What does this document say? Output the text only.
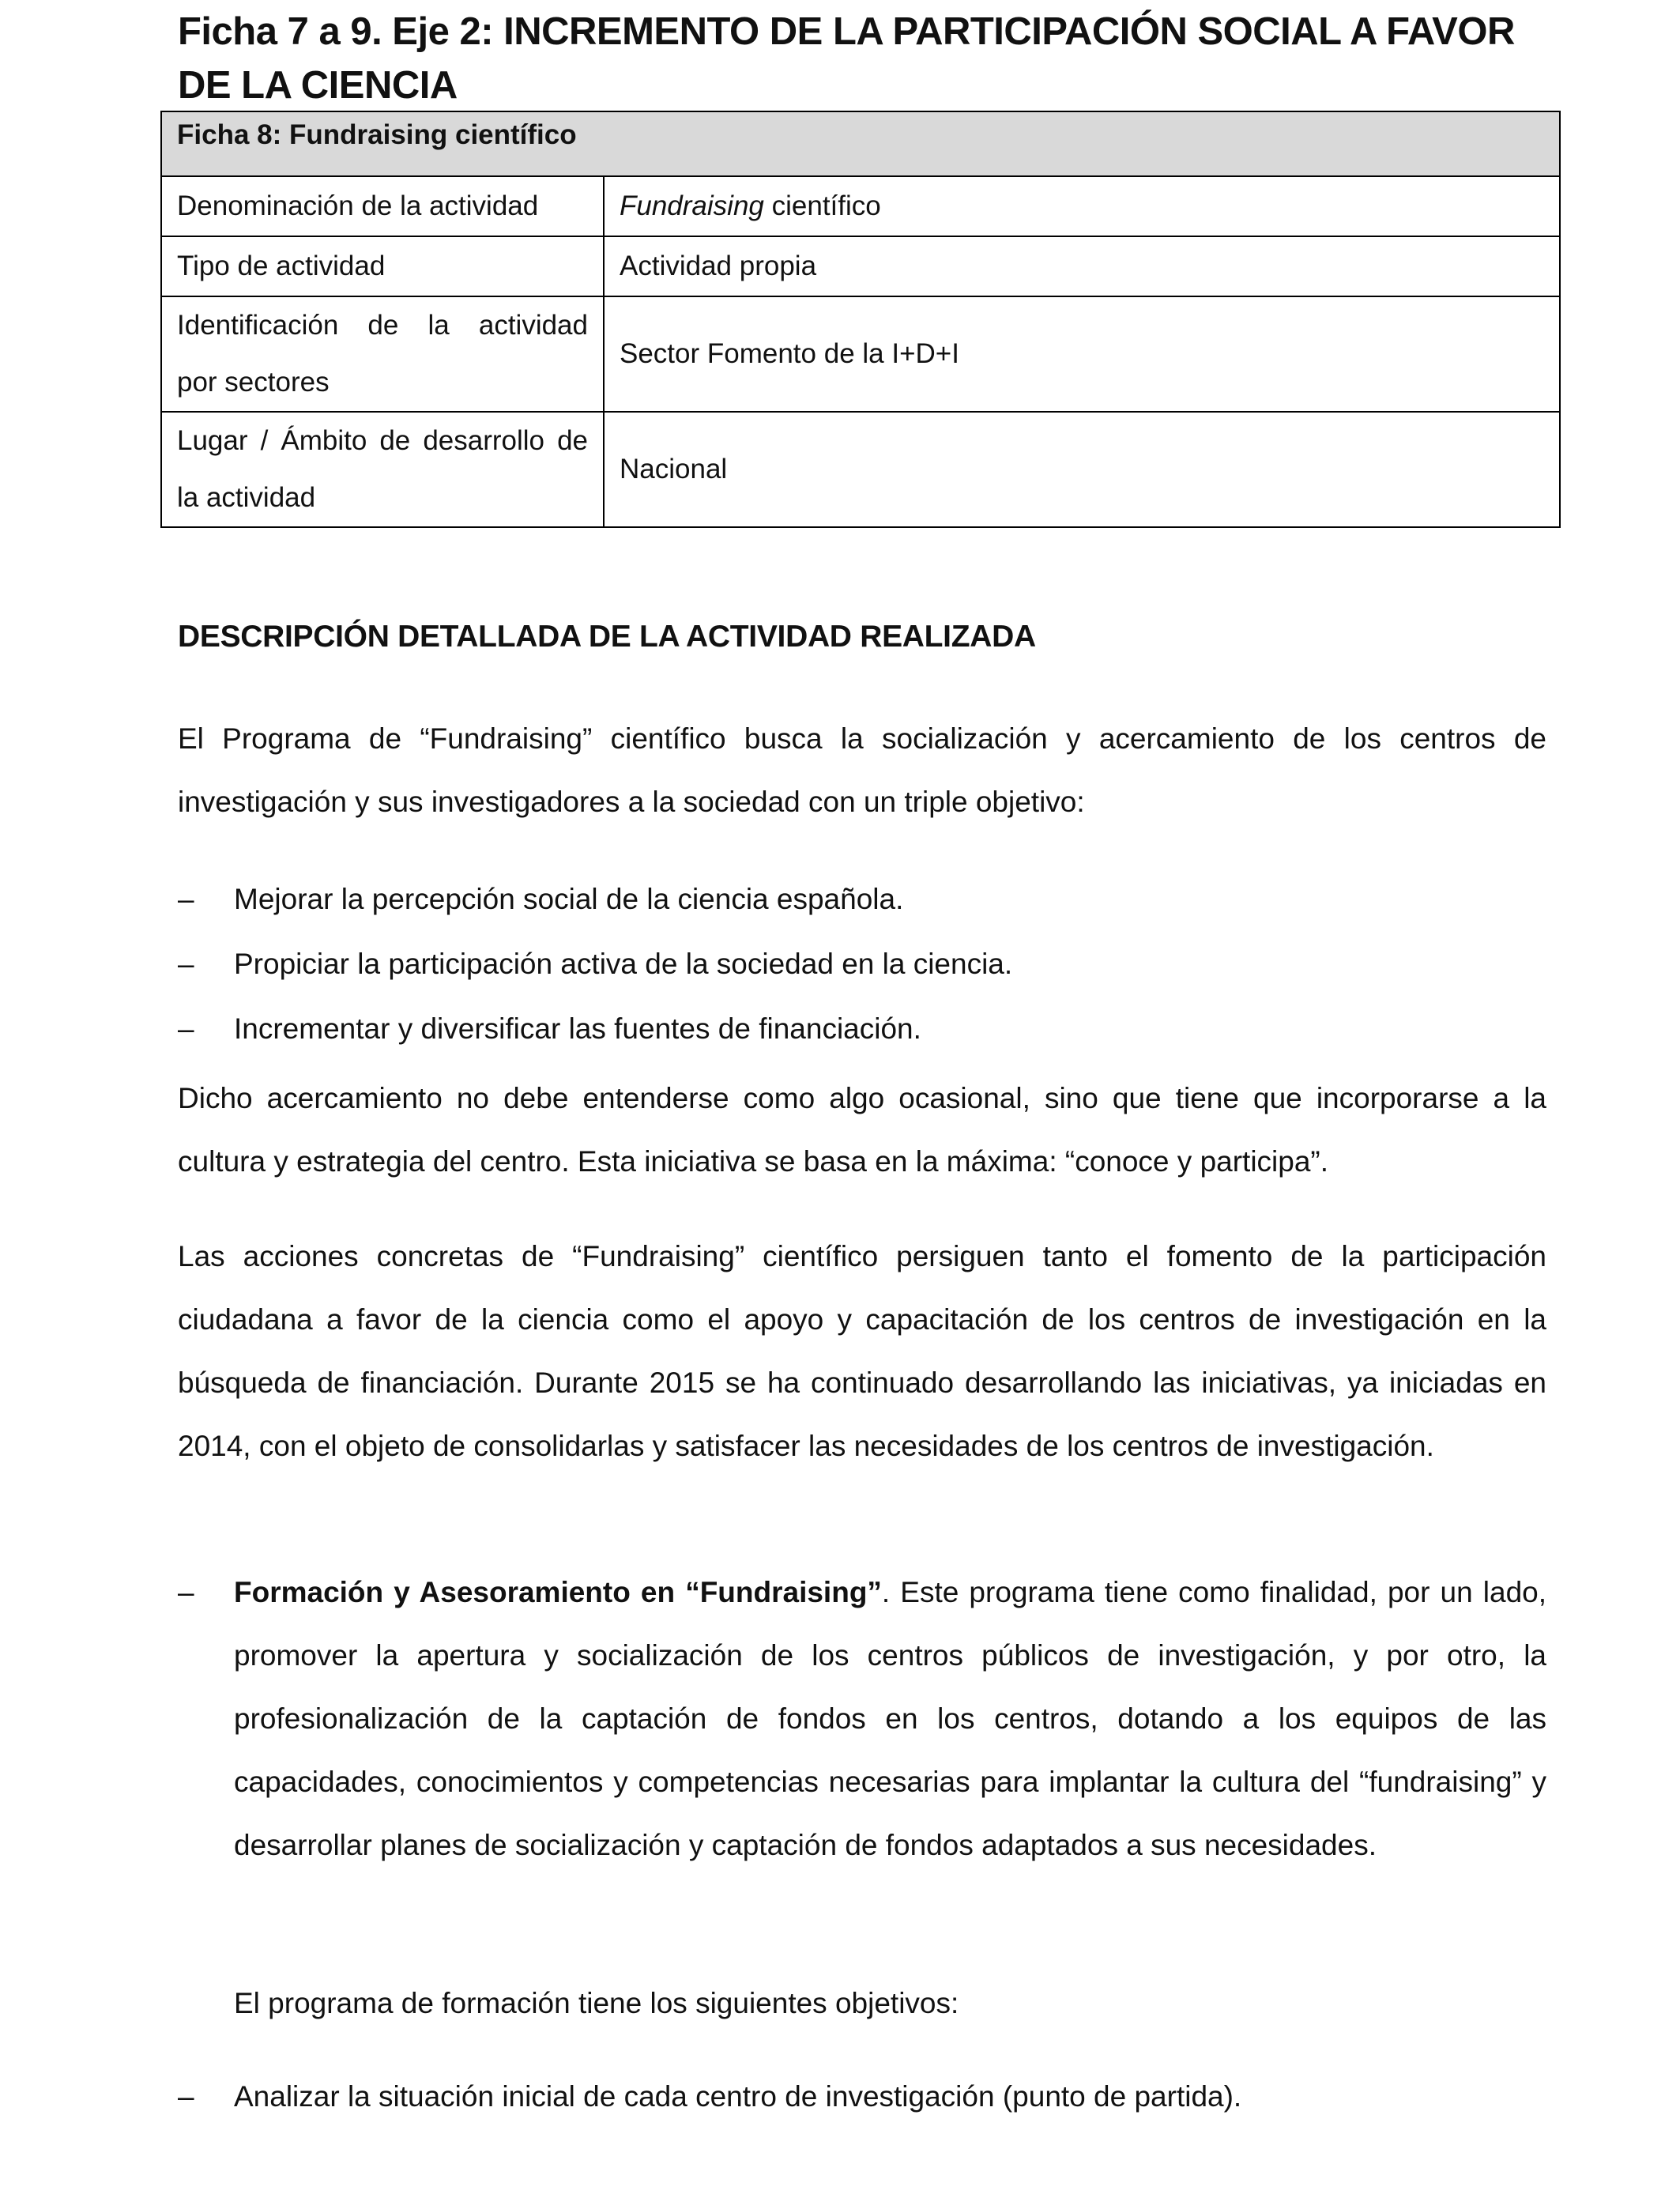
Ficha 7 a 9. Eje 2: INCREMENTO DE LA PARTICIPACIÓN SOCIAL A FAVOR DE LA CIENCIA
Ficha 8: Fundraising científico	
Denominación de la actividad	Fundraising científico
Tipo de actividad	Actividad propia

Identificación de la actividad
por sectores	Sector Fomento de la I+D+I

Lugar / Ámbito de desarrollo de
la actividad	Nacional
DESCRIPCIÓN DETALLADA DE LA ACTIVIDAD REALIZADA

El Programa de “Fundraising” científico busca la socialización y acercamiento de los centros de investigación y sus investigadores a la sociedad con un triple objetivo:

– Mejorar la percepción social de la ciencia española.
– Propiciar la participación activa de la sociedad en la ciencia.
– Incrementar y diversificar las fuentes de financiación.

Dicho acercamiento no debe entenderse como algo ocasional, sino que tiene que incorporarse a la cultura y estrategia del centro. Esta iniciativa se basa en la máxima: “conoce y participa”.

Las acciones concretas de “Fundraising” científico persiguen tanto el fomento de la participación ciudadana a favor de la ciencia como el apoyo y capacitación de los centros de investigación en la búsqueda de financiación. Durante 2015 se ha continuado desarrollando las iniciativas, ya iniciadas en 2014, con el objeto de consolidarlas y satisfacer las necesidades de los centros de investigación.

– Formación y Asesoramiento en “Fundraising”. Este programa tiene como finalidad, por un lado, promover la apertura y socialización de los centros públicos de investigación, y por otro, la profesionalización de la captación de fondos en los centros, dotando a los equipos de las capacidades, conocimientos y competencias necesarias para implantar la cultura del “fundraising” y desarrollar planes de socialización y captación de fondos adaptados a sus necesidades.

El programa de formación tiene los siguientes objetivos:

– Analizar la situación inicial de cada centro de investigación (punto de partida).
